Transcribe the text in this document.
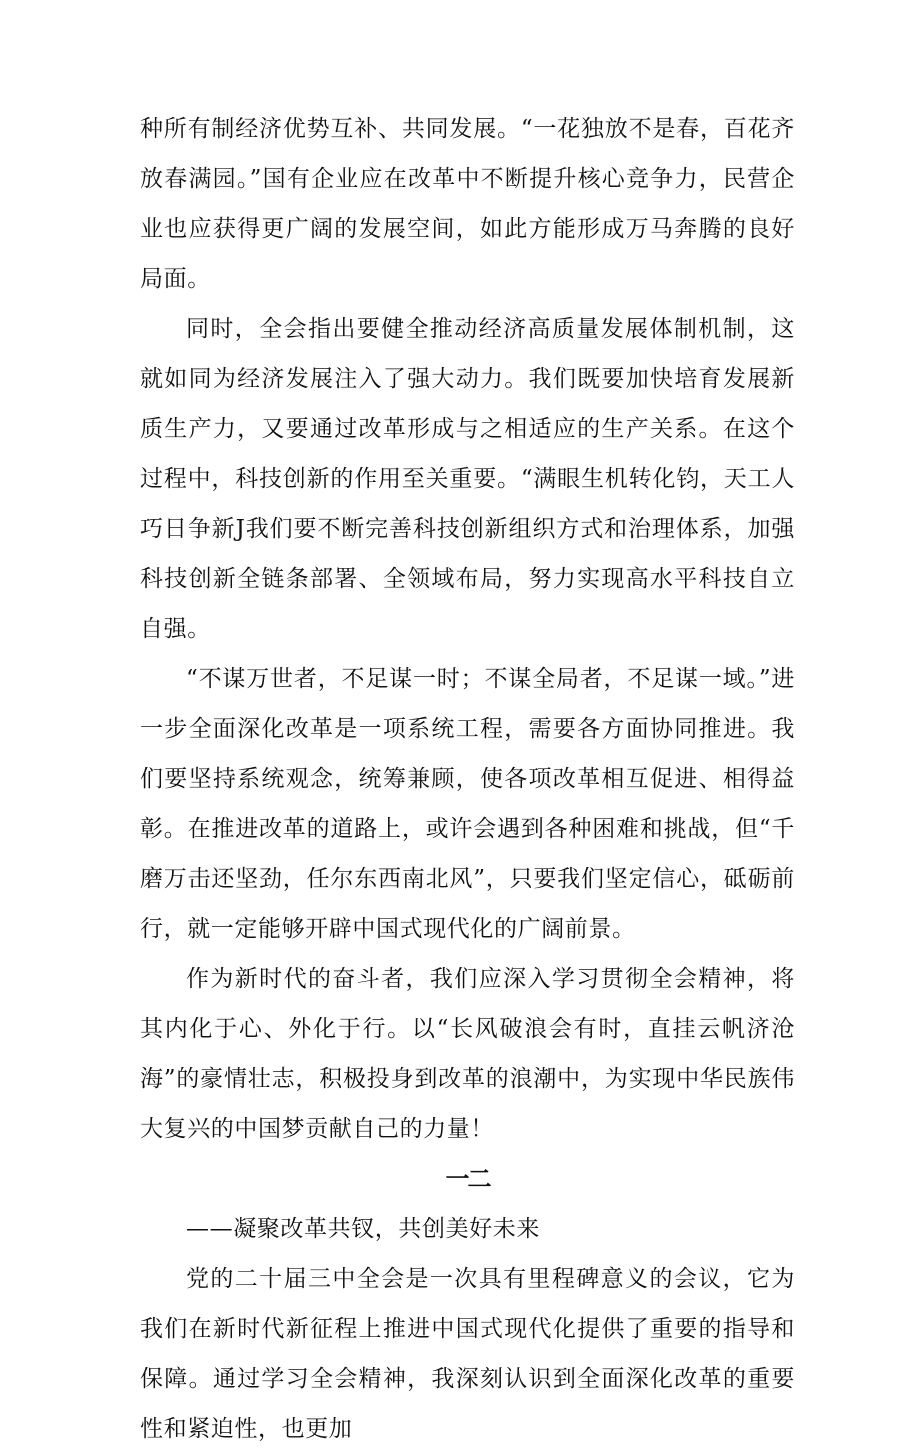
种所有制经济优势互补、共同发展。“一花独放不是春，百花齐放春满园。”国有企业应在改革中不断提升核心竞争力，民营企业也应获得更广阔的发展空间，如此方能形成万马奔腾的良好局面。

同时，全会指出要健全推动经济高质量发展体制机制，这就如同为经济发展注入了强大动力。我们既要加快培育发展新质生产力，又要通过改革形成与之相适应的生产关系。在这个过程中，科技创新的作用至关重要。“满眼生机转化钧，天工人巧日争新J我们要不断完善科技创新组织方式和治理体系，加强科技创新全链条部署、全领域布局，努力实现高水平科技自立自强。

“不谋万世者，不足谋一时；不谋全局者，不足谋一域。”进一步全面深化改革是一项系统工程，需要各方面协同推进。我们要坚持系统观念，统筹兼顾，使各项改革相互促进、相得益彰。在推进改革的道路上，或许会遇到各种困难和挑战，但“千磨万击还坚劲，任尔东西南北风”，只要我们坚定信心，砥砺前行，就一定能够开辟中国式现代化的广阔前景。

作为新时代的奋斗者，我们应深入学习贯彻全会精神，将其内化于心、外化于行。以“长风破浪会有时，直挂云帆济沧海”的豪情壮志，积极投身到改革的浪潮中，为实现中华民族伟大复兴的中国梦贡献自己的力量！

一二

——凝聚改革共钗，共创美好未来

党的二十届三中全会是一次具有里程碑意义的会议，它为我们在新时代新征程上推进中国式现代化提供了重要的指导和保障。通过学习全会精神，我深刻认识到全面深化改革的重要性和紧迫性，也更加
